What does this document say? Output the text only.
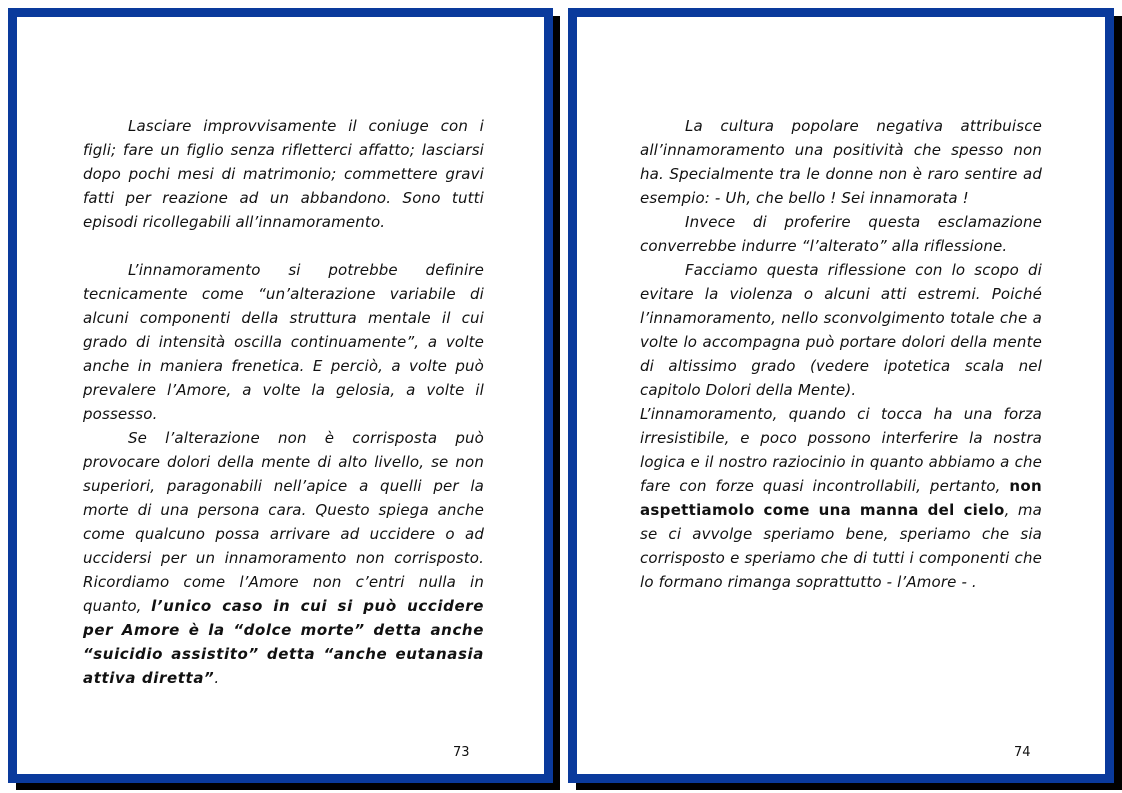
Lasciare improvvisamente il coniuge con i figli; fare un figlio senza rifletterci affatto; lasciarsi dopo pochi mesi di matrimonio; commettere gravi fatti per reazione ad un abbandono. Sono tutti episodi ricollegabili all’innamoramento.

L’innamoramento si potrebbe definire tecnicamente come “un’alterazione variabile di alcuni componenti della struttura mentale il cui grado di intensità oscilla continuamente”, a volte anche in maniera frenetica. E perciò, a volte può prevalere l’Amore, a volte la gelosia, a volte il possesso.

Se l’alterazione non è corrisposta può provocare dolori della mente di alto livello, se non superiori, paragonabili nell’apice a quelli per la morte di una persona cara. Questo spiega anche come qualcuno possa arrivare ad uccidere o ad uccidersi per un innamoramento non corrisposto. Ricordiamo come l’Amore non c’entri nulla in quanto, l’unico caso in cui si può uccidere per Amore è la “dolce morte” detta anche “suicidio assistito” detta “anche eutanasia attiva diretta”.

73

La cultura popolare negativa attribuisce all’innamoramento una positività che spesso non ha. Specialmente tra le donne non è raro sentire ad esempio: - Uh, che bello ! Sei innamorata !

Invece di proferire questa esclamazione converrebbe indurre “l’alterato” alla riflessione.

Facciamo questa riflessione con lo scopo di evitare la violenza o alcuni atti estremi. Poiché l’innamoramento, nello sconvolgimento totale che a volte lo accompagna può portare dolori della mente di altissimo grado (vedere ipotetica scala nel capitolo Dolori della Mente).

L’innamoramento, quando ci tocca ha una forza irresistibile, e poco possono interferire la nostra logica e il nostro raziocinio in quanto abbiamo a che fare con forze quasi incontrollabili, pertanto, non aspettiamolo come una manna del cielo, ma se ci avvolge speriamo bene, speriamo che sia corrisposto e speriamo che di tutti i componenti che lo formano rimanga soprattutto - l’Amore - .

74
